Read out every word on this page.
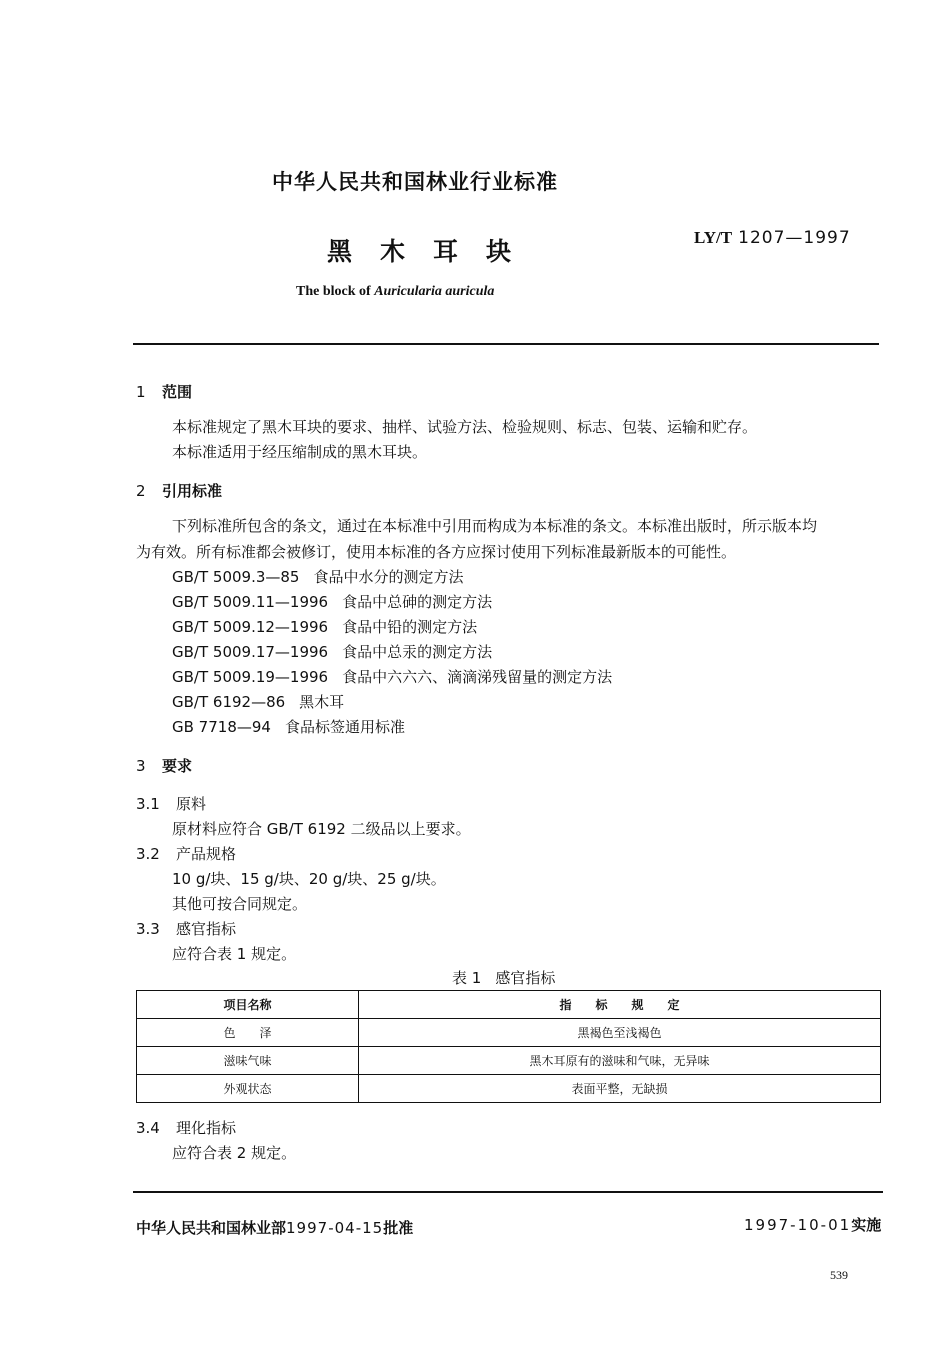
中华人民共和国林业行业标准
黑木耳块	LY/T 1207—1997
The block of Auricularia auricula
1 范围
本标准规定了黑木耳块的要求、抽样、试验方法、检验规则、标志、包装、运输和贮存。
本标准适用于经压缩制成的黑木耳块。
2 引用标准
下列标准所包含的条文，通过在本标准中引用而构成为本标准的条文。本标准出版时，所示版本均
为有效。所有标准都会被修订，使用本标准的各方应探讨使用下列标准最新版本的可能性。
GB/T 5009.3—85 食品中水分的测定方法
GB/T 5009.11—1996 食品中总砷的测定方法
GB/T 5009.12—1996 食品中铅的测定方法
GB/T 5009.17—1996 食品中总汞的测定方法
GB/T 5009.19—1996 食品中六六六、滴滴涕残留量的测定方法
GB/T 6192—86 黑木耳
GB 7718—94 食品标签通用标准
3 要求
3.1 原料
原材料应符合 GB/T 6192 二级品以上要求。
3.2 产品规格
10 g/块、15 g/块、20 g/块、25 g/块。
其他可按合同规定。
3.3 感官指标
应符合表 1 规定。
表 1 感官指标
项目名称	指　　标　　规　　定
色　　泽	黑褐色至浅褐色
滋味气味	黑木耳原有的滋味和气味，无异味
外观状态	表面平整，无缺损
3.4 理化指标
应符合表 2 规定。
中华人民共和国林业部1997-04-15批准	1997-10-01实施
539
